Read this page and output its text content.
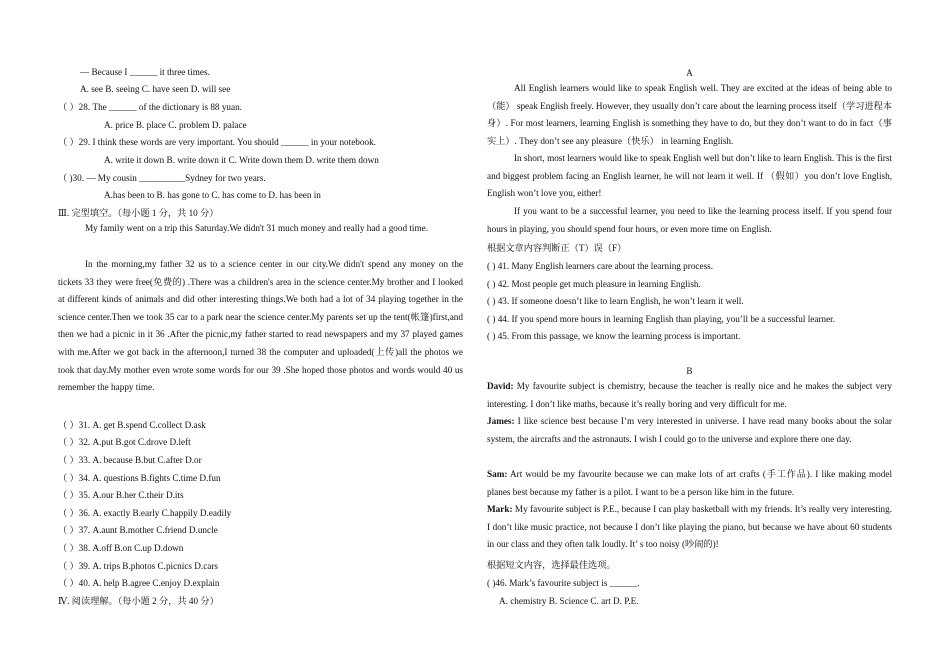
— Because I ______ it three times.
A. see B. seeing C. have seen D. will see
（ ）28. The ______ of the dictionary is 88 yuan.
A. price B. place C. problem D. palace
（ ）29. I think these words are very important. You should ______ in your notebook.
A. write it down B. write down it C. Write down them D. write them down
（ )30. — My cousin __________Sydney for two years.
A.has been to B. has gone to C. has come to D. has been in
Ⅲ. 完型填空。（每小题 1 分，共 10 分）
My family went on a trip this Saturday.We didn't 31 much money and really had a good time.
In the morning,my father 32 us to a science center in our city.We didn't spend any money on the tickets 33 they were free(免费的) .There was a children's area in the science center.My brother and I looked at different kinds of animals and did other interesting things.We both had a lot of 34 playing together in the science center.Then we took 35 car to a park near the science center.My parents set up the tent(帐篷)first,and then we had a picnic in it 36 .After the picnic,my father started to read newspapers and my 37 played games with me.After we got back in the afternoon,I turned 38 the computer and uploaded(上传)all the photos we took that day.My mother even wrote some words for our 39 .She hoped those photos and words would 40 us remember the happy time.
（ ）31. A. get B.spend C.collect D.ask
（ ）32. A.put B.got C.drove D.left
（ ）33. A. because B.but C.after D.or
（ ）34. A. questions B.fights C.time D.fun
（ ）35. A.our B.her C.their D.its
（ ）36. A. exactly B.early C.happily D.eadily
（ ）37. A.aunt B.mother C.friend D.uncle
（ ）38. A.off B.on C.up D.down
（ ）39. A. trips B.photos C.picnics D.cars
（ ）40. A. help B.agree C.enjoy D.explain
Ⅳ. 阅读理解。（每小题 2 分，共 40 分）
A
All English learners would like to speak English well. They are excited at the ideas of being able to（能） speak English freely. However, they usually don’t care about the learning process itself（学习进程本身）. For most learners, learning English is something they have to do, but they don’t want to do in fact（事实上）. They don’t see any pleasure（快乐） in learning English.
In short, most learners would like to speak English well but don’t like to learn English. This is the first and biggest problem facing an English learner, he will not learn it well. If （假如）you don’t love English, English won’t love you, either!
If you want to be a successful learner, you need to like the learning process itself. If you spend four hours in playing, you should spend four hours, or even more time on English.
根据文章内容判断正（T）误（F）
( ) 41. Many English learners care about the learning process.
( ) 42. Most people get much pleasure in learning English.
( ) 43. If someone doesn’t like to learn English, he won’t learn it well.
( ) 44. If you spend more hours in learning English than playing, you’ll be a successful learner.
( ) 45. From this passage, we know the learning process is important.
B
David: My favourite subject is chemistry, because the teacher is really nice and he makes the subject very interesting. I don’t like maths, because it’s really boring and very difficult for me.
James: I like science best because I’m very interested in universe. I have read many books about the solar system, the aircrafts and the astronauts. I wish I could go to the universe and explore there one day.
Sam: Art would be my favourite because we can make lots of art crafts (手工作品). I like making model planes best because my father is a pilot. I want to be a person like him in the future.
Mark: My favourite subject is P.E., because I can play basketball with my friends. It’s really very interesting. I don’t like music practice, not because I don’t like playing the piano, but because we have about 60 students in our class and they often talk loudly. It’ s too noisy (吵闹的)!
根据短文内容，选择最佳选项。
( )46. Mark’s favourite subject is ______.
A. chemistry B. Science C. art D. P.E.
